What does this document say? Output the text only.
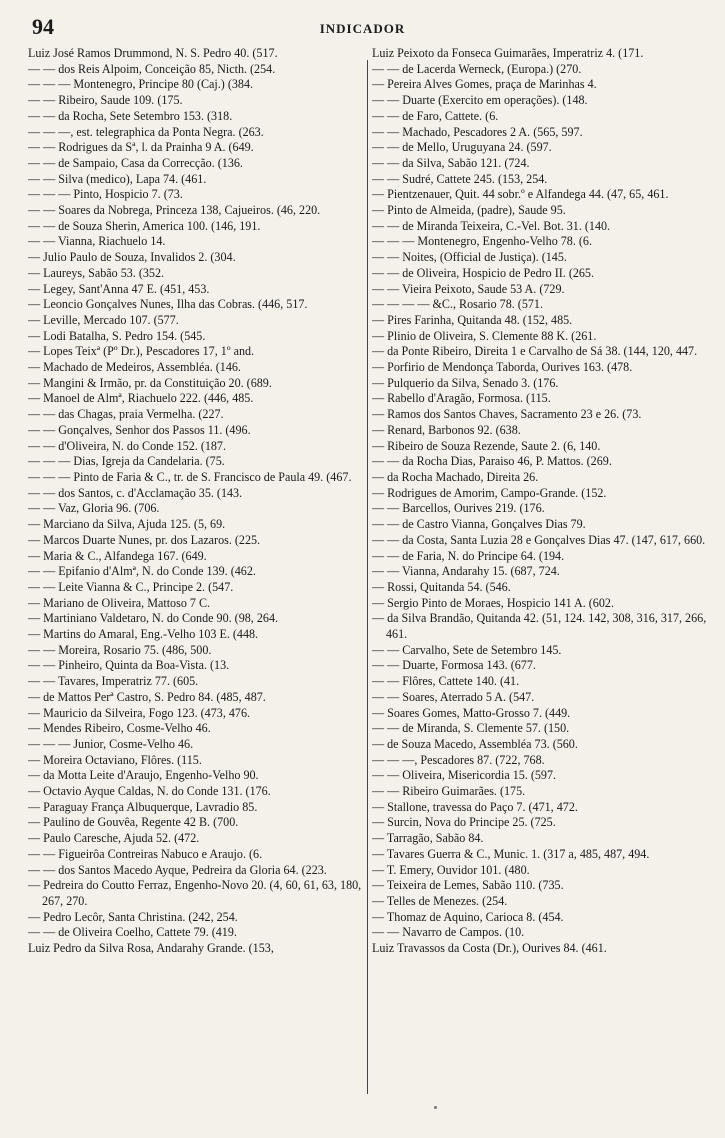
94	INDICADOR

Luiz José Ramos Drummond, N. S. Pedro 40. (517.

— — dos Reis Alpoim, Conceição 85, Nicth. (254.

— — — Montenegro, Principe 80 (Caj.) (384.

— — Ribeiro, Saude 109. (175.

— — da Rocha, Sete Setembro 153. (318.

— — —, est. telegraphica da Ponta Negra. (263.

— — Rodrigues da Sª, l. da Prainha 9 A. (649.

— — de Sampaio, Casa da Correcção. (136.

— — Silva (medico), Lapa 74. (461.

— — — Pinto, Hospicio 7. (73.

— — Soares da Nobrega, Princeza 138, Cajueiros. (46, 220.

— — de Souza Sherin, America 100. (146, 191.

— — Vianna, Riachuelo 14.

— Julio Paulo de Souza, Invalidos 2. (304.

— Laureys, Sabão 53. (352.

— Legey, Sant'Anna 47 E. (451, 453.

— Leoncio Gonçalves Nunes, Ilha das Cobras. (446, 517.

— Leville, Mercado 107. (577.

— Lodi Batalha, S. Pedro 154. (545.

— Lopes Teixª (Pº Dr.), Pescadores 17, 1º and.

— Machado de Medeiros, Assembléa. (146.

— Mangini & Irmão, pr. da Constituição 20. (689.

— Manoel de Almª, Riachuelo 222. (446, 485.

— — das Chagas, praia Vermelha. (227.

— — Gonçalves, Senhor dos Passos 11. (496.

— — d'Oliveira, N. do Conde 152. (187.

— — — Dias, Igreja da Candelaria. (75.

— — — Pinto de Faria & C., tr. de S. Francisco de Paula 49. (467.

— — dos Santos, c. d'Acclamação 35. (143.

— — Vaz, Gloria 96. (706.

— Marciano da Silva, Ajuda 125. (5, 69.

— Marcos Duarte Nunes, pr. dos Lazaros. (225.

— Maria & C., Alfandega 167. (649.

— — Epifanio d'Almª, N. do Conde 139. (462.

— — Leite Vianna & C., Principe 2. (547.

— Mariano de Oliveira, Mattoso 7 C.

— Martiniano Valdetaro, N. do Conde 90. (98, 264.

— Martins do Amaral, Eng.-Velho 103 E. (448.

— — Moreira, Rosario 75. (486, 500.

— — Pinheiro, Quinta da Boa-Vista. (13.

— — Tavares, Imperatriz 77. (605.

— de Mattos Perª Castro, S. Pedro 84. (485, 487.

— Mauricio da Silveira, Fogo 123. (473, 476.

— Mendes Ribeiro, Cosme-Velho 46.

— — — Junior, Cosme-Velho 46.

— Moreira Octaviano, Flôres. (115.

— da Motta Leite d'Araujo, Engenho-Velho 90.

— Octavio Ayque Caldas, N. do Conde 131. (176.

— Paraguay França Albuquerque, Lavradio 85.

— Paulino de Gouvêa, Regente 42 B. (700.

— Paulo Caresche, Ajuda 52. (472.

— — Figueirôa Contreiras Nabuco e Araujo. (6.

— — dos Santos Macedo Ayque, Pedreira da Gloria 64. (223.

— Pedreira do Coutto Ferraz, Engenho-Novo 20. (4, 60, 61, 63, 180, 267, 270.

— Pedro Lecôr, Santa Christina. (242, 254.

— — de Oliveira Coelho, Cattete 79. (419.

Luiz Pedro da Silva Rosa, Andarahy Grande. (153,

Luiz Peixoto da Fonseca Guimarães, Imperatriz 4. (171.

— — de Lacerda Werneck, (Europa.) (270.

— Pereira Alves Gomes, praça de Marinhas 4.

— — Duarte (Exercito em operações). (148.

— — de Faro, Cattete. (6.

— — Machado, Pescadores 2 A. (565, 597.

— — de Mello, Uruguyana 24. (597.

— — da Silva, Sabão 121. (724.

— — Sudré, Cattete 245. (153, 254.

— Pientzenauer, Quit. 44 sobr.º e Alfandega 44. (47, 65, 461.

— Pinto de Almeida, (padre), Saude 95.

— — de Miranda Teixeira, C.-Vel. Bot. 31. (140.

— — — Montenegro, Engenho-Velho 78. (6.

— — Noites, (Official de Justiça). (145.

— — de Oliveira, Hospicio de Pedro II. (265.

— — Vieira Peixoto, Saude 53 A. (729.

— — — — &C., Rosario 78. (571.

— Pires Farinha, Quitanda 48. (152, 485.

— Plinio de Oliveira, S. Clemente 88 K. (261.

— da Ponte Ribeiro, Direita 1 e Carvalho de Sá 38. (144, 120, 447.

— Porfirio de Mendonça Taborda, Ourives 163. (478.

— Pulquerio da Silva, Senado 3. (176.

— Rabello d'Aragão, Formosa. (115.

— Ramos dos Santos Chaves, Sacramento 23 e 26. (73.

— Renard, Barbonos 92. (638.

— Ribeiro de Souza Rezende, Saute 2. (6, 140.

— — da Rocha Dias, Paraiso 46, P. Mattos. (269.

— da Rocha Machado, Direita 26.

— Rodrigues de Amorim, Campo-Grande. (152.

— — Barcellos, Ourives 219. (176.

— — de Castro Vianna, Gonçalves Dias 79.

— — da Costa, Santa Luzia 28 e Gonçalves Dias 47. (147, 617, 660.

— — de Faria, N. do Principe 64. (194.

— — Vianna, Andarahy 15. (687, 724.

— Rossi, Quitanda 54. (546.

— Sergio Pinto de Moraes, Hospicio 141 A. (602.

— da Silva Brandão, Quitanda 42. (51, 124. 142, 308, 316, 317, 266, 461.

— — Carvalho, Sete de Setembro 145.

— — Duarte, Formosa 143. (677.

— — Flôres, Cattete 140. (41.

— — Soares, Aterrado 5 A. (547.

— Soares Gomes, Matto-Grosso 7. (449.

— — de Miranda, S. Clemente 57. (150.

— de Souza Macedo, Assembléa 73. (560.

— — —, Pescadores 87. (722, 768.

— — Oliveira, Misericordia 15. (597.

— — Ribeiro Guimarães. (175.

— Stallone, travessa do Paço 7. (471, 472.

— Surcin, Nova do Principe 25. (725.

— Tarragão, Sabão 84.

— Tavares Guerra & C., Munic. 1. (317 a, 485, 487, 494.

— T. Emery, Ouvidor 101. (480.

— Teixeira de Lemes, Sabão 110. (735.

— Telles de Menezes. (254.

— Thomaz de Aquino, Carioca 8. (454.

— — Navarro de Campos. (10.

Luiz Travassos da Costa (Dr.), Ourives 84. (461.
